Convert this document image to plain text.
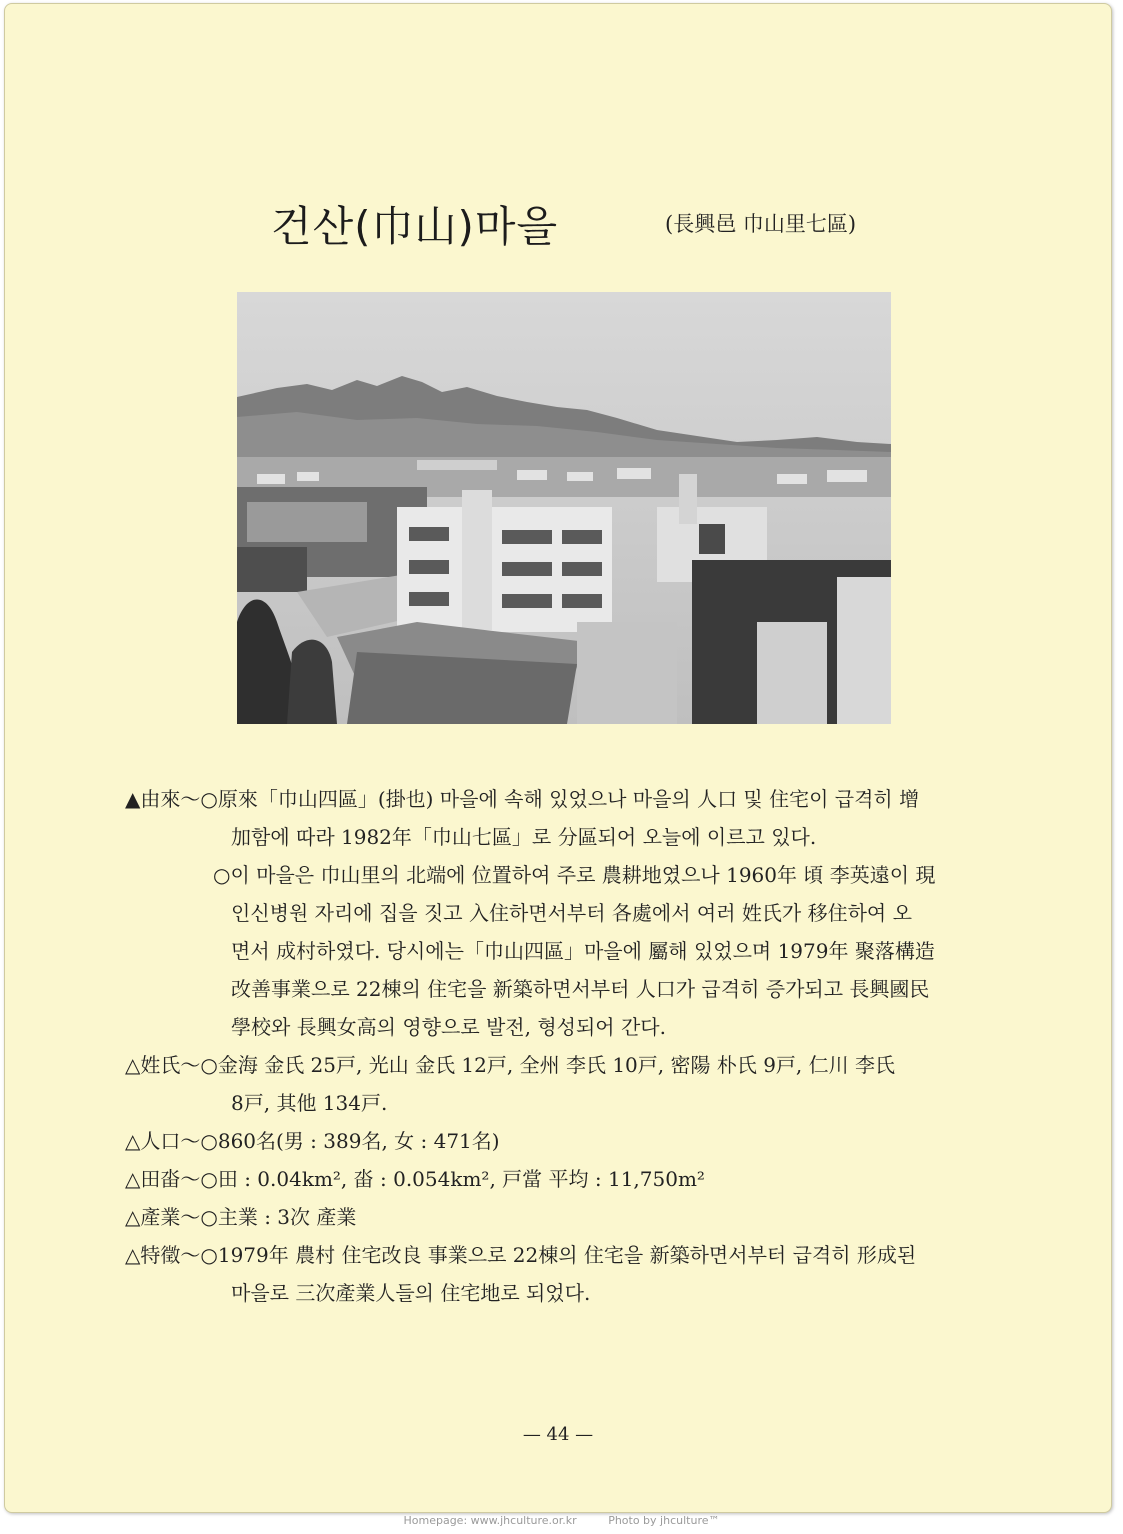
건산(巾山)마을	(長興邑 巾山里七區)
▲由來〜○原來「巾山四區」(掛也) 마을에 속해 있었으나 마을의 人口 및 住宅이 급격히 增
加함에 따라 1982年「巾山七區」로 分區되어 오늘에 이르고 있다.
○이 마을은 巾山里의 北端에 位置하여 주로 農耕地였으나 1960年 頃 李英遠이 現
인신병원 자리에 집을 짓고 入住하면서부터 各處에서 여러 姓氏가 移住하여 오
면서 成村하였다. 당시에는「巾山四區」마을에 屬해 있었으며 1979年 聚落構造
改善事業으로 22棟의 住宅을 新築하면서부터 人口가 급격히 증가되고 長興國民
學校와 長興女高의 영향으로 발전, 형성되어 간다.
△姓氏〜○金海 金氏 25戸, 光山 金氏 12戸, 全州 李氏 10戸, 密陽 朴氏 9戸, 仁川 李氏
8戸, 其他 134戸.
△人口〜○860名(男 : 389名, 女 : 471名)
△田畓〜○田 : 0.04km², 畓 : 0.054km², 戸當 平均 : 11,750m²
△產業〜○主業 : 3次 產業
△特徵〜○1979年 農村 住宅改良 事業으로 22棟의 住宅을 新築하면서부터 급격히 形成된
마을로 三次產業人들의 住宅地로 되었다.
— 44 —
Homepage: www.jhculture.or.kr	Photo by jhculture™
